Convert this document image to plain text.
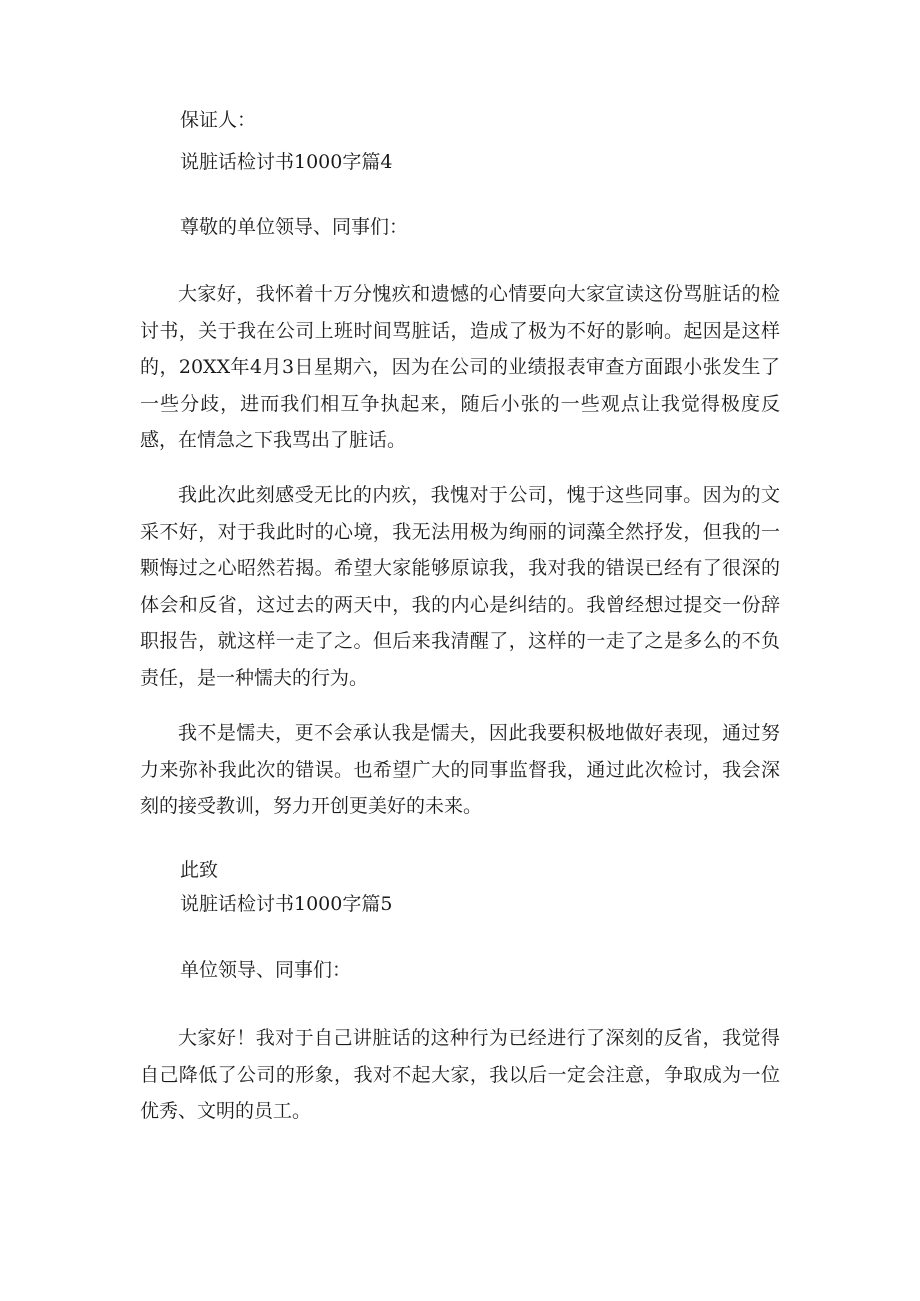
保证人：

说脏话检讨书1000字篇4

尊敬的单位领导、同事们：

大家好，我怀着十万分愧疚和遗憾的心情要向大家宣读这份骂脏话的检讨书，关于我在公司上班时间骂脏话，造成了极为不好的影响。起因是这样的，20XX年4月3日星期六，因为在公司的业绩报表审查方面跟小张发生了一些分歧，进而我们相互争执起来，随后小张的一些观点让我觉得极度反感，在情急之下我骂出了脏话。

我此次此刻感受无比的内疚，我愧对于公司，愧于这些同事。因为的文采不好，对于我此时的心境，我无法用极为绚丽的词藻全然抒发，但我的一颗悔过之心昭然若揭。希望大家能够原谅我，我对我的错误已经有了很深的体会和反省，这过去的两天中，我的内心是纠结的。我曾经想过提交一份辞职报告，就这样一走了之。但后来我清醒了，这样的一走了之是多么的不负责任，是一种懦夫的行为。

我不是懦夫，更不会承认我是懦夫，因此我要积极地做好表现，通过努力来弥补我此次的错误。也希望广大的同事监督我，通过此次检讨，我会深刻的接受教训，努力开创更美好的未来。

此致

说脏话检讨书1000字篇5

单位领导、同事们：

大家好！我对于自己讲脏话的这种行为已经进行了深刻的反省，我觉得自己降低了公司的形象，我对不起大家，我以后一定会注意，争取成为一位优秀、文明的员工。
